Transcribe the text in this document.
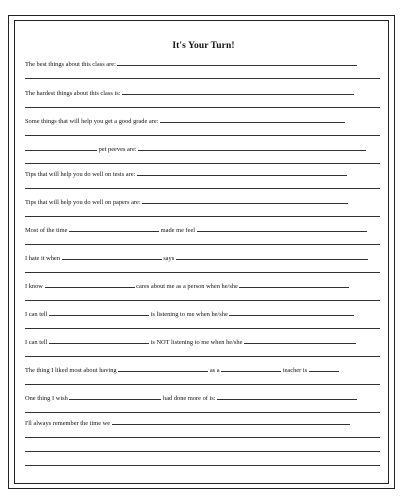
It's Your Turn!
The best things about this class are:
The hardest things about this class is:
Some things that will help you get a good grade are:
pet peeves are:
Tips that will help you do well on tests are:
Tips that will help you do well on papers are:
Most of the time	made me feel
I hate it when	says
I know	cares about me as a person when he/she
I can tell	is listening to me when he/she
I can tell	is NOT listening to me when he/she
The thing I liked most about having	as a	teacher is
One thing I wish	had done more of is:
I'll always remember the time we
